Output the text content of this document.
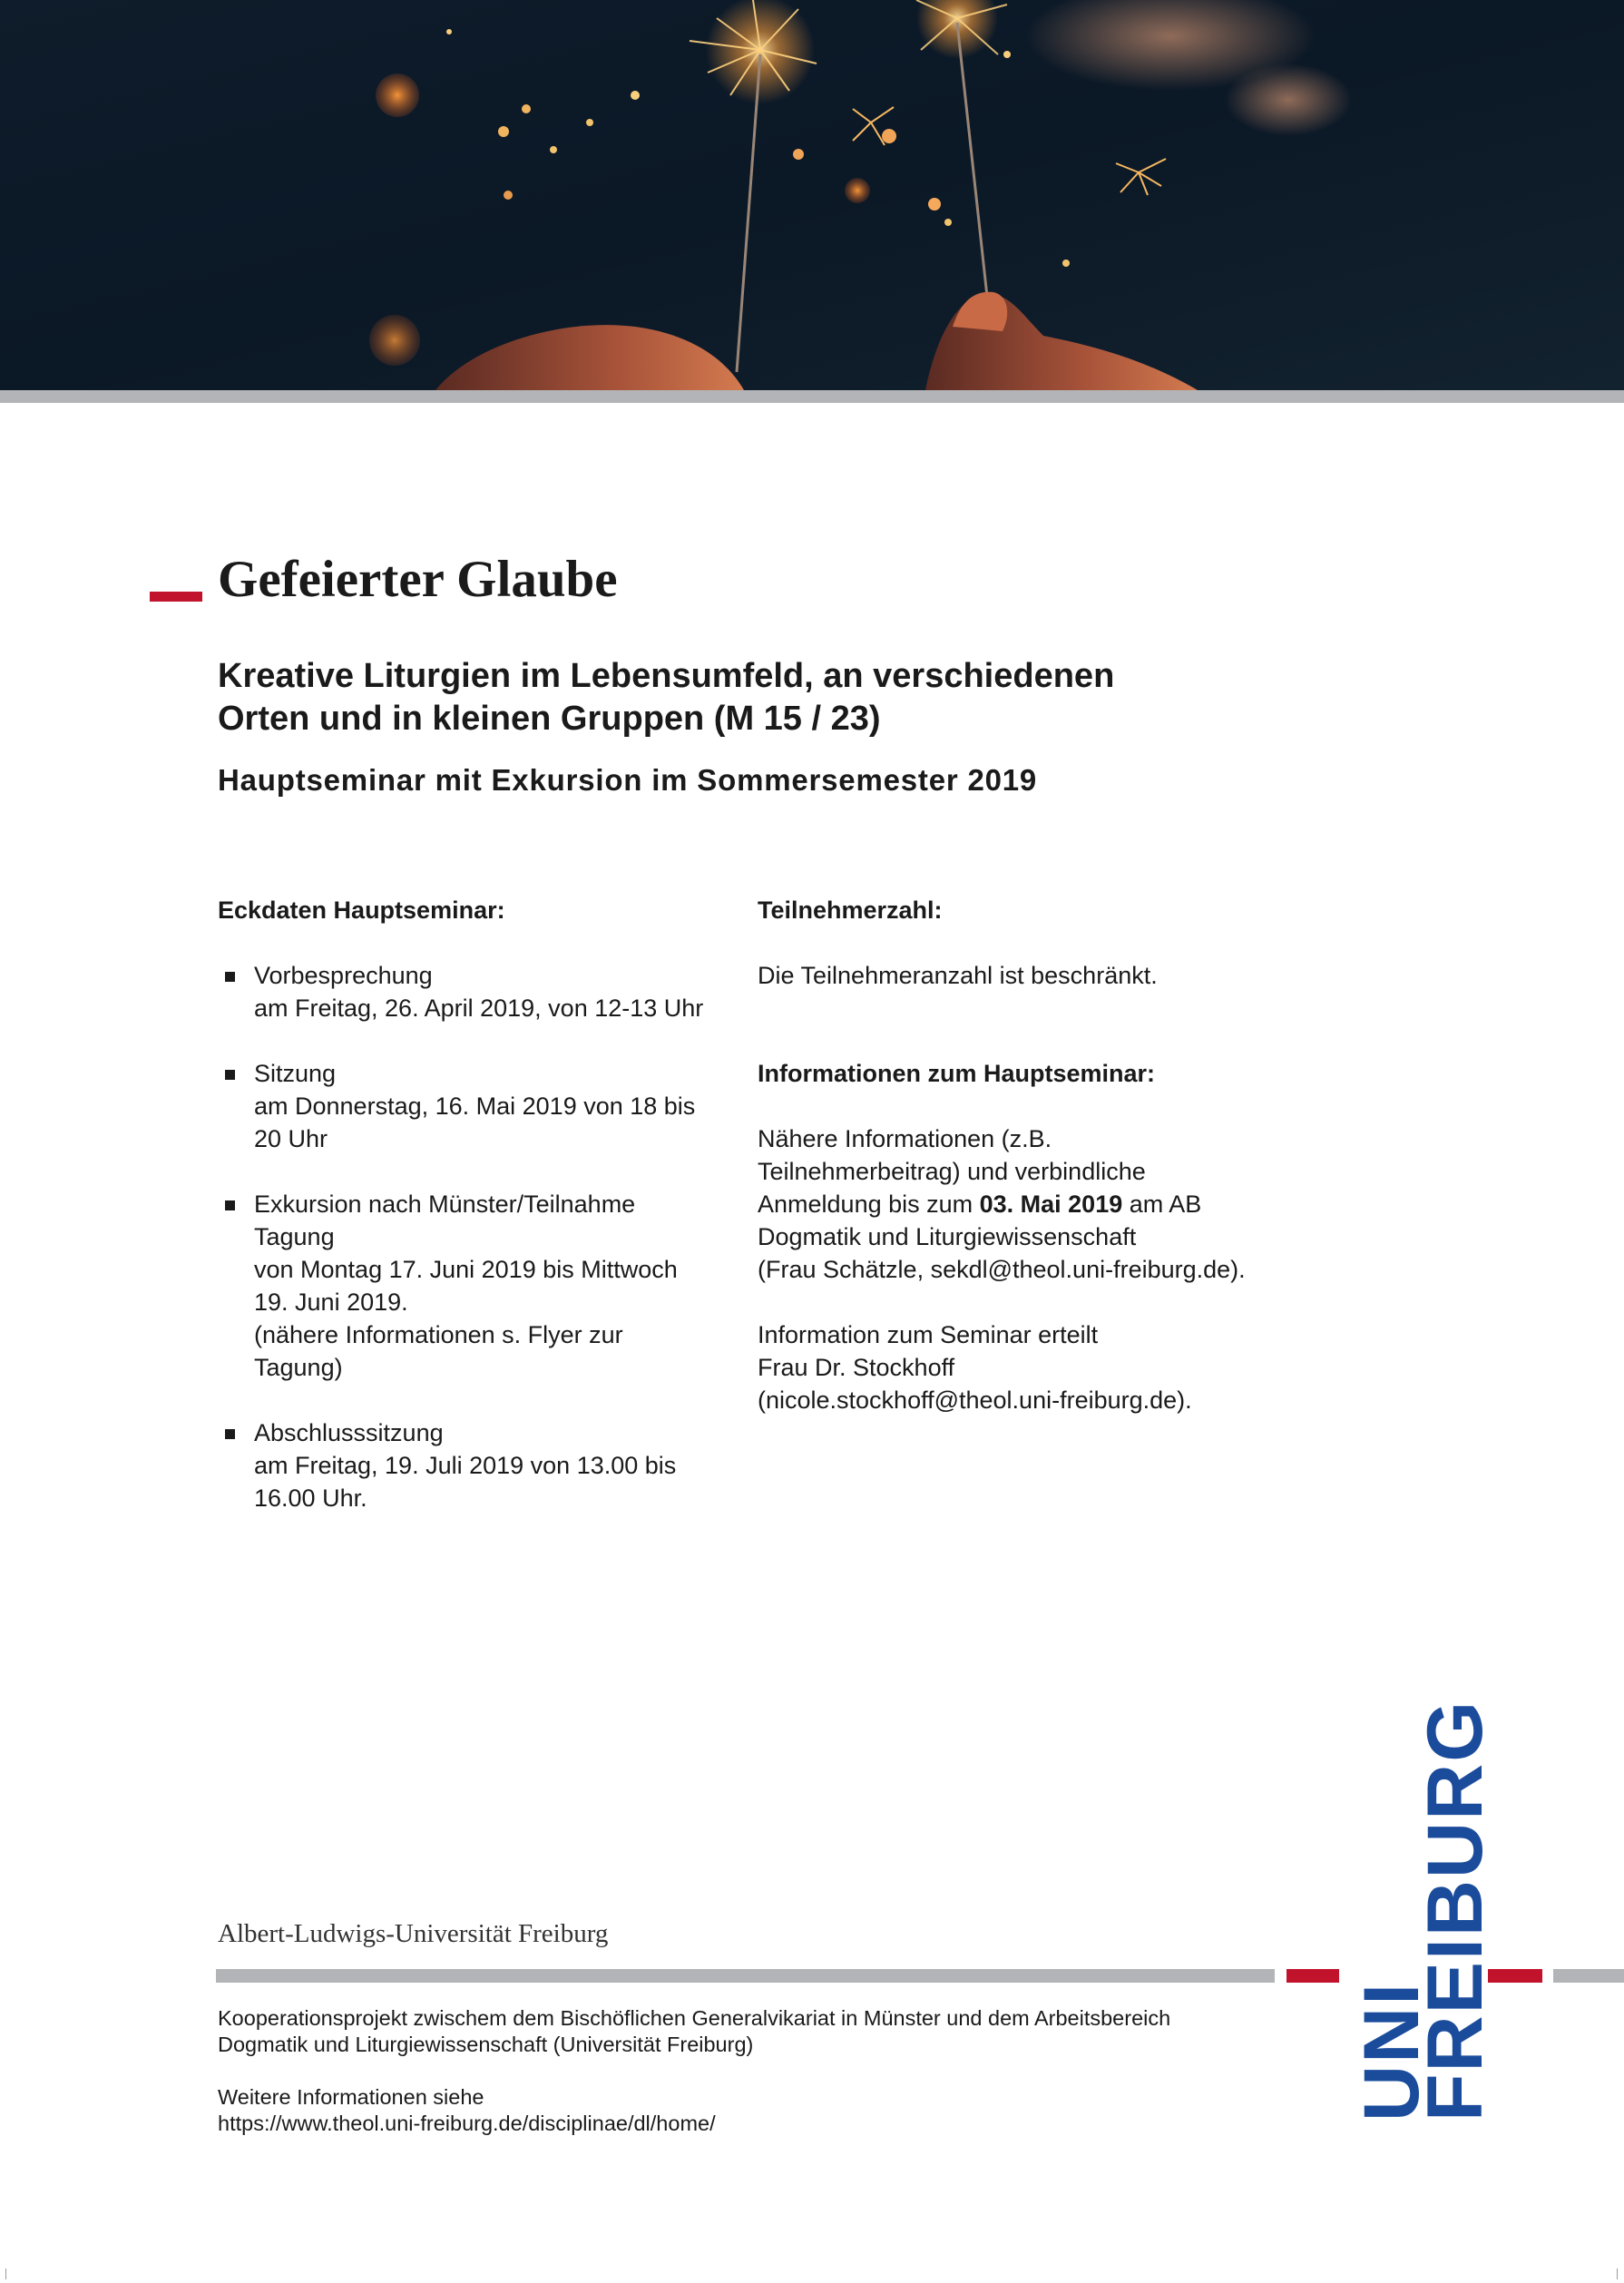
Gefeierter Glaube
Kreative Liturgien im Lebensumfeld, an verschiedenen
Orten und in kleinen Gruppen (M 15 / 23)
Hauptseminar mit Exkursion im Sommersemester 2019

Eckdaten Hauptseminar:

Vorbesprechung
am Freitag, 26. April 2019, von 12-13 Uhr
Sitzung
am Donnerstag, 16. Mai 2019 von 18 bis
20 Uhr
Exkursion nach Münster/Teilnahme
Tagung
von Montag 17. Juni 2019 bis Mittwoch
19. Juni 2019.
(nähere Informationen s. Flyer zur
Tagung)
Abschlusssitzung
am Freitag, 19. Juli 2019 von 13.00 bis
16.00 Uhr.

Teilnehmerzahl:

Die Teilnehmeranzahl ist beschränkt.

Informationen zum Hauptseminar:

Nähere Informationen (z.B.
Teilnehmerbeitrag) und verbindliche
Anmeldung bis zum 03. Mai 2019 am AB
Dogmatik und Liturgiewissenschaft
(Frau Schätzle, sekdl@theol.uni-freiburg.de).

Information zum Seminar erteilt
Frau Dr. Stockhoff
(nicole.stockhoff@theol.uni-freiburg.de).

Albert-Ludwigs-Universität Freiburg

Kooperationsprojekt zwischem dem Bischöflichen Generalvikariat in Münster und dem Arbeitsbereich
Dogmatik und Liturgiewissenschaft (Universität Freiburg)
Weitere Informationen siehe
https://www.theol.uni-freiburg.de/disciplinae/dl/home/
UNI
FREIBURG
